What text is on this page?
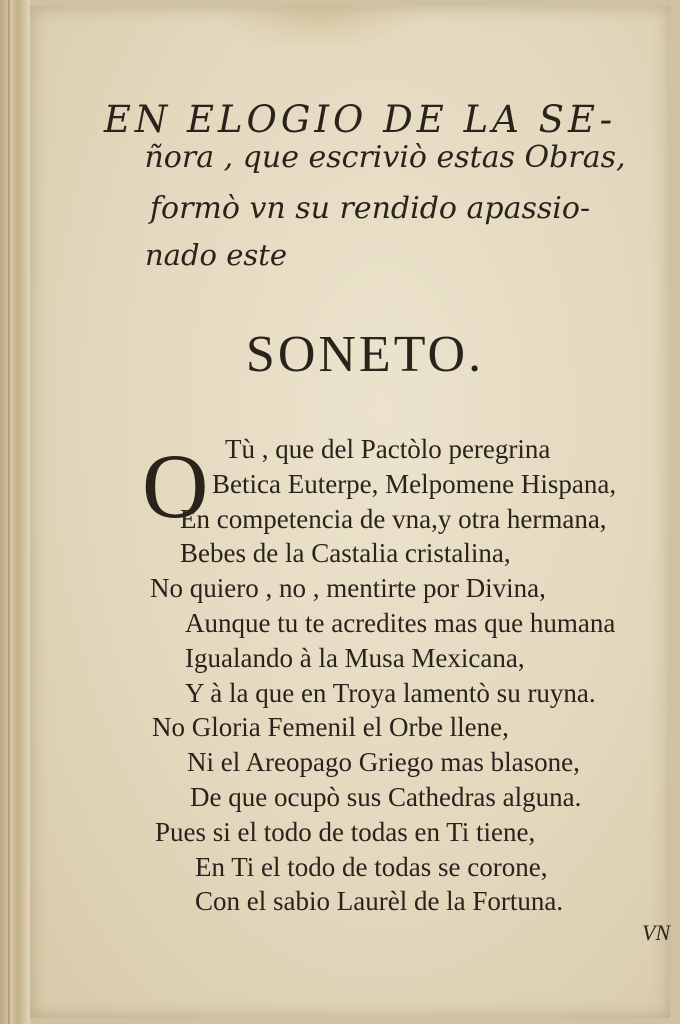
EN ELOGIO DE LA SE-
ñora , que escriviò estas Obras,
formò vn su rendido apassio-
nado este
SONETO.
O Tù , que del Pactòlo peregrina
Betica Euterpe, Melpomene Hispana,
En competencia de vna,y otra hermana,
Bebes de la Castalia cristalina,
No quiero , no , mentirte por Divina,
Aunque tu te acredites mas que humana
Igualando à la Musa Mexicana,
Y à la que en Troya lamentò su ruyna.
No Gloria Femenil el Orbe llene,
Ni el Areopago Griego mas blasone,
De que ocupò sus Cathedras alguna.
Pues si el todo de todas en Ti tiene,
En Ti el todo de todas se corone,
Con el sabio Laurèl de la Fortuna.
VN
